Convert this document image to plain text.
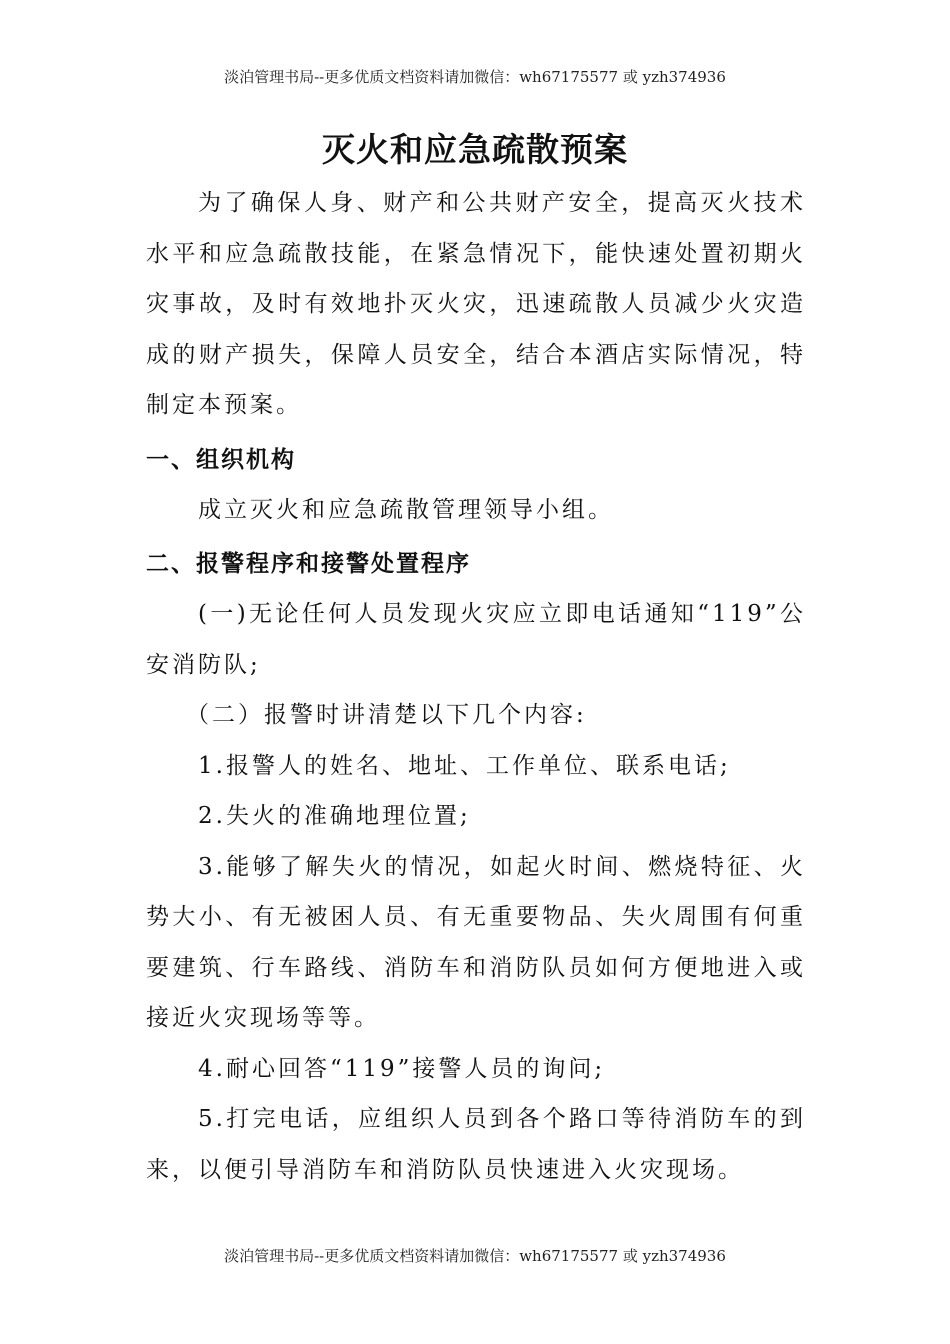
淡泊管理书局--更多优质文档资料请加微信：wh67175577 或 yzh374936
灭火和应急疏散预案

为了确保人身、财产和公共财产安全，提高灭火技术水平和应急疏散技能，在紧急情况下，能快速处置初期火灾事故，及时有效地扑灭火灾，迅速疏散人员减少火灾造成的财产损失，保障人员安全，结合本酒店实际情况，特制定本预案。

一、组织机构

成立灭火和应急疏散管理领导小组。

二、报警程序和接警处置程序

(一)无论任何人员发现火灾应立即电话通知“119”公安消防队;

（二）报警时讲清楚以下几个内容:

1.报警人的姓名、地址、工作单位、联系电话;

2.失火的准确地理位置;

3.能够了解失火的情况，如起火时间、燃烧特征、火势大小、有无被困人员、有无重要物品、失火周围有何重要建筑、行车路线、消防车和消防队员如何方便地进入或接近火灾现场等等。

4.耐心回答“119”接警人员的询问;

5.打完电话，应组织人员到各个路口等待消防车的到来，以便引导消防车和消防队员快速进入火灾现场。

淡泊管理书局--更多优质文档资料请加微信：wh67175577 或 yzh374936
